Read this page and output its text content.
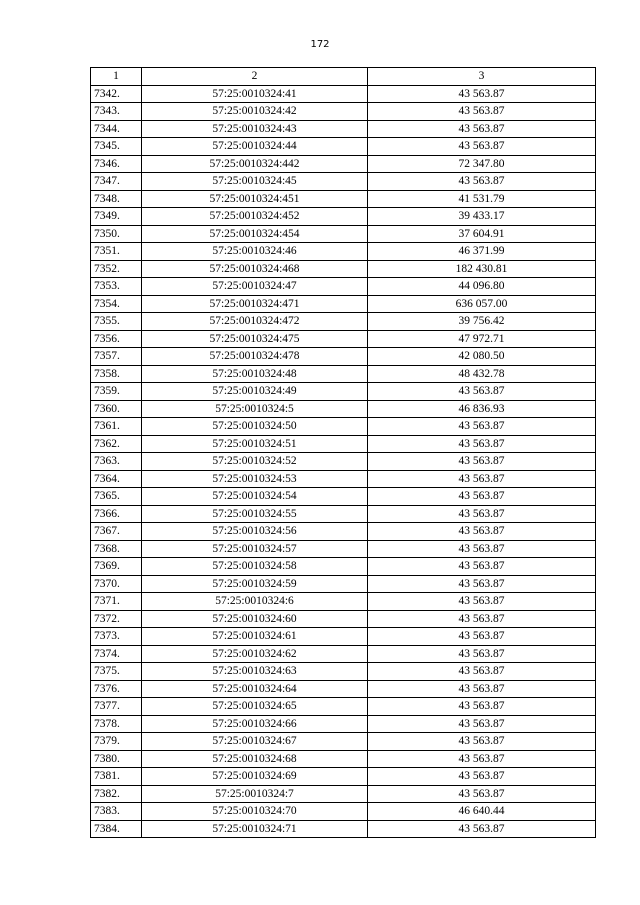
172
1	2	3
7342.	57:25:0010324:41	43 563.87
7343.	57:25:0010324:42	43 563.87
7344.	57:25:0010324:43	43 563.87
7345.	57:25:0010324:44	43 563.87
7346.	57:25:0010324:442	72 347.80
7347.	57:25:0010324:45	43 563.87
7348.	57:25:0010324:451	41 531.79
7349.	57:25:0010324:452	39 433.17
7350.	57:25:0010324:454	37 604.91
7351.	57:25:0010324:46	46 371.99
7352.	57:25:0010324:468	182 430.81
7353.	57:25:0010324:47	44 096.80
7354.	57:25:0010324:471	636 057.00
7355.	57:25:0010324:472	39 756.42
7356.	57:25:0010324:475	47 972.71
7357.	57:25:0010324:478	42 080.50
7358.	57:25:0010324:48	48 432.78
7359.	57:25:0010324:49	43 563.87
7360.	57:25:0010324:5	46 836.93
7361.	57:25:0010324:50	43 563.87
7362.	57:25:0010324:51	43 563.87
7363.	57:25:0010324:52	43 563.87
7364.	57:25:0010324:53	43 563.87
7365.	57:25:0010324:54	43 563.87
7366.	57:25:0010324:55	43 563.87
7367.	57:25:0010324:56	43 563.87
7368.	57:25:0010324:57	43 563.87
7369.	57:25:0010324:58	43 563.87
7370.	57:25:0010324:59	43 563.87
7371.	57:25:0010324:6	43 563.87
7372.	57:25:0010324:60	43 563.87
7373.	57:25:0010324:61	43 563.87
7374.	57:25:0010324:62	43 563.87
7375.	57:25:0010324:63	43 563.87
7376.	57:25:0010324:64	43 563.87
7377.	57:25:0010324:65	43 563.87
7378.	57:25:0010324:66	43 563.87
7379.	57:25:0010324:67	43 563.87
7380.	57:25:0010324:68	43 563.87
7381.	57:25:0010324:69	43 563.87
7382.	57:25:0010324:7	43 563.87
7383.	57:25:0010324:70	46 640.44
7384.	57:25:0010324:71	43 563.87
